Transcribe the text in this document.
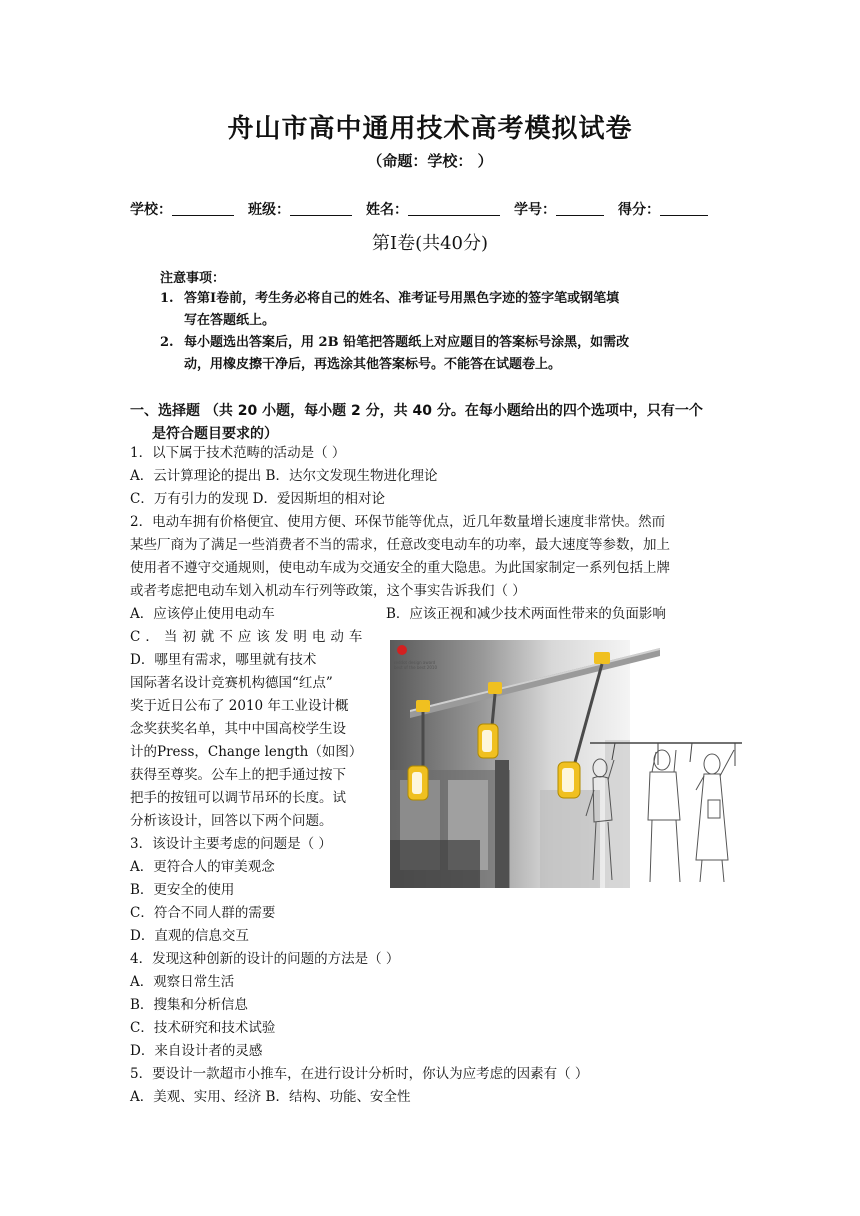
舟山市高中通用技术高考模拟试卷
（命题：学校： ）
学校：	班级：	姓名：	学号：	得分：
第Ⅰ卷(共40分)
注意事项：
1. 答第Ⅰ卷前，考生务必将自己的姓名、准考证号用黑色字迹的签字笔或钢笔填
写在答题纸上。
2. 每小题选出答案后，用 2B 铅笔把答题纸上对应题目的答案标号涂黑，如需改
动，用橡皮擦干净后，再选涂其他答案标号。不能答在试题卷上。
一、选择题 （共 20 小题，每小题 2 分，共 40 分。在每小题给出的四个选项中，只有一个
是符合题目要求的）
1．以下属于技术范畴的活动是（ ）
A．云计算理论的提出 B．达尔文发现生物进化理论
C．万有引力的发现 D．爱因斯坦的相对论
2．电动车拥有价格便宜、使用方便、环保节能等优点，近几年数量增长速度非常快。然而
某些厂商为了满足一些消费者不当的需求，任意改变电动车的功率，最大速度等参数，加上
使用者不遵守交通规则，使电动车成为交通安全的重大隐患。为此国家制定一系列包括上牌
或者考虑把电动车划入机动车行列等政策，这个事实告诉我们（ ）
A．应该停止使用电动车	B．应该正视和减少技术两面性带来的负面影响
C．当初就不应该发明电动车
D．哪里有需求，哪里就有技术
国际著名设计竞赛机构德国“红点”
奖于近日公布了 2010 年工业设计概
念奖获奖名单，其中中国高校学生设
计的Press，Change length（如图）
获得至尊奖。公车上的把手通过按下
把手的按钮可以调节吊环的长度。试
分析该设计，回答以下两个问题。
3．该设计主要考虑的问题是（ ）
A．更符合人的审美观念
B．更安全的使用
C．符合不同人群的需要
D．直观的信息交互
4．发现这种创新的设计的问题的方法是（ ）
A．观察日常生活
B．搜集和分析信息
C．技术研究和技术试验
D．来自设计者的灵感
5．要设计一款超市小推车，在进行设计分析时，你认为应考虑的因素有（ ）
A．美观、实用、经济 B．结构、功能、安全性
reddot design award
best of the best 2010
